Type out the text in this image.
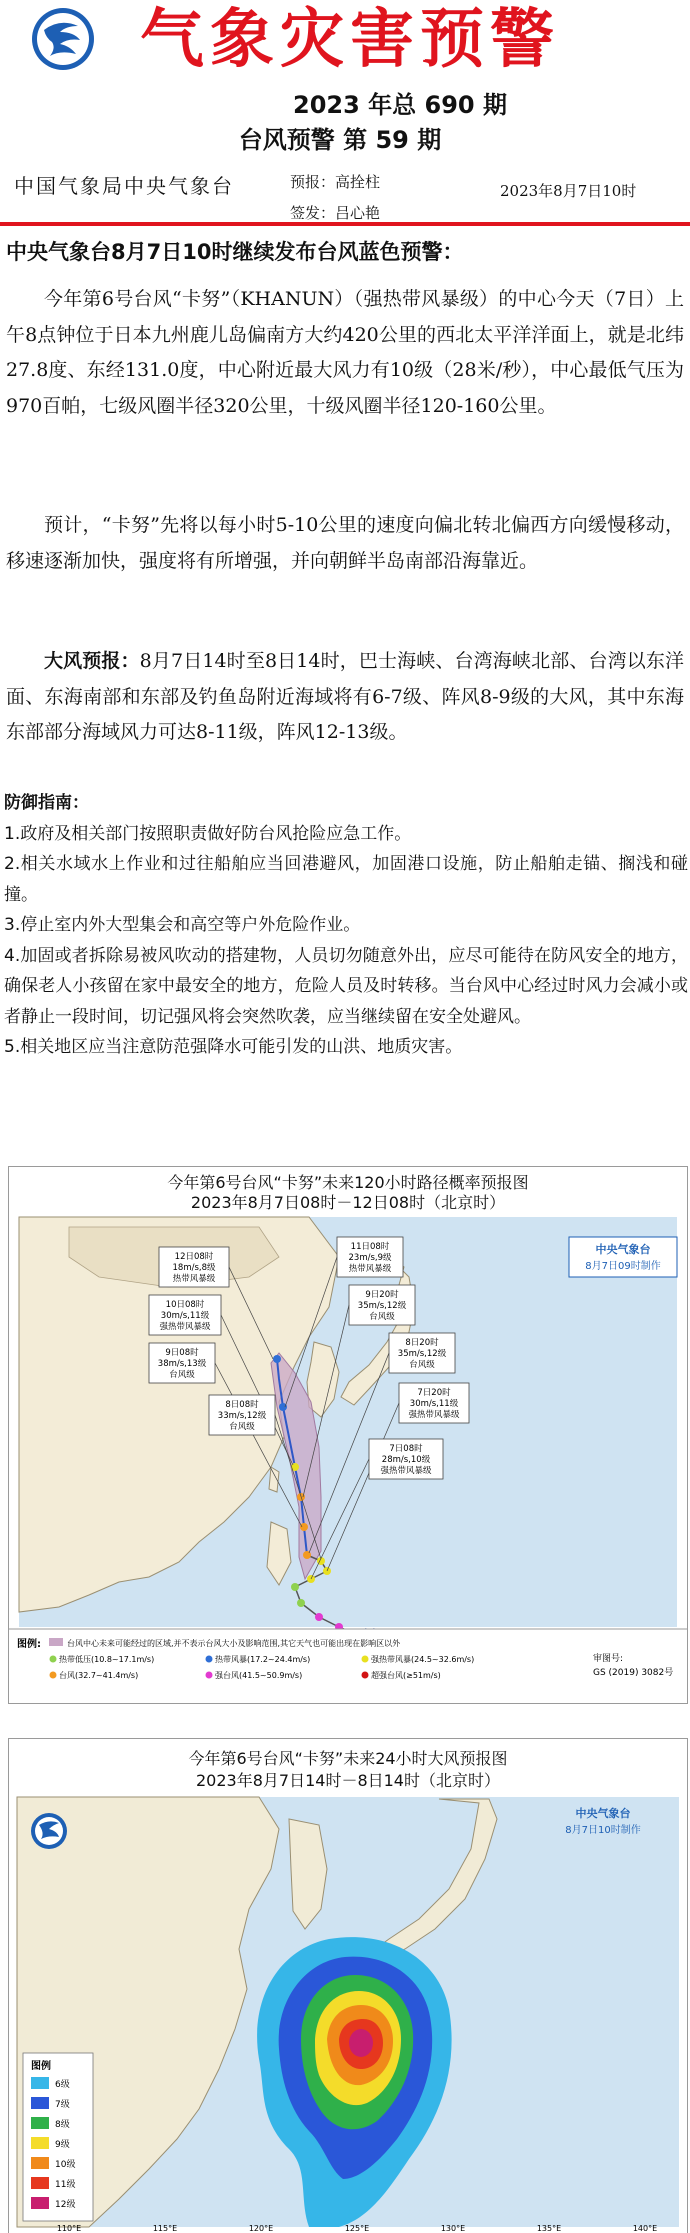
气象灾害预警
2023 年总 690 期
台风预警 第 59 期
中国气象局中央气象台	预报：高拴柱
签发：吕心艳
2023年8月7日10时
中央气象台8月7日10时继续发布台风蓝色预警：
今年第6号台风“卡努”（KHANUN）（强热带风暴级）的中心今天（7日）上午8点钟位于日本九州鹿儿岛偏南方大约420公里的西北太平洋洋面上，就是北纬27.8度、东经131.0度，中心附近最大风力有10级（28米/秒），中心最低气压为970百帕，七级风圈半径320公里，十级风圈半径120-160公里。
预计，“卡努”先将以每小时5-10公里的速度向偏北转北偏西方向缓慢移动，移速逐渐加快，强度将有所增强，并向朝鲜半岛南部沿海靠近。
大风预报：8月7日14时至8日14时，巴士海峡、台湾海峡北部、台湾以东洋面、东海南部和东部及钓鱼岛附近海域将有6-7级、阵风8-9级的大风，其中东海东部部分海域风力可达8-11级，阵风12-13级。
防御指南：
1.政府及相关部门按照职责做好防台风抢险应急工作。
2.相关水域水上作业和过往船舶应当回港避风，加固港口设施，防止船舶走锚、搁浅和碰撞。
3.停止室内外大型集会和高空等户外危险作业。
4.加固或者拆除易被风吹动的搭建物，人员切勿随意外出，应尽可能待在防风安全的地方，确保老人小孩留在家中最安全的地方，危险人员及时转移。当台风中心经过时风力会减小或者静止一段时间，切记强风将会突然吹袭，应当继续留在安全处避风。
5.相关地区应当注意防范强降水可能引发的山洪、地质灾害。
今年第6号台风“卡努”未来120小时路径概率预报图
2023年8月7日08时－12日08时（北京时）
中央气象台
8月7日09时制作
12日08时
18m/s,8级
热带风暴级
11日08时
23m/s,9级
热带风暴级
10日08时
30m/s,11级
强热带风暴级
9日20时
35m/s,12级
台风级
9日08时
38m/s,13级
台风级
8日20时
35m/s,12级
台风级
8日08时
33m/s,12级
台风级
7日20时
30m/s,11级
强热带风暴级
7日08时
28m/s,10级
强热带风暴级
图例:	台风中心未来可能经过的区域,并不表示台风大小及影响范围,其它天气也可能出现在影响区以外
热带低压(10.8~17.1m/s)	热带风暴(17.2~24.4m/s)	强热带风暴(24.5~32.6m/s)
台风(32.7~41.4m/s)	强台风(41.5~50.9m/s)	超强台风(≥51m/s)
审图号:
GS (2019) 3082号
今年第6号台风“卡努”未来24小时大风预报图
2023年8月7日14时－8日14时（北京时）
中央气象台
8月7日10时制作
图例
6级
7级
8级
9级
10级
11级
12级
110°E	115°E	120°E	125°E	130°E	135°E	140°E
